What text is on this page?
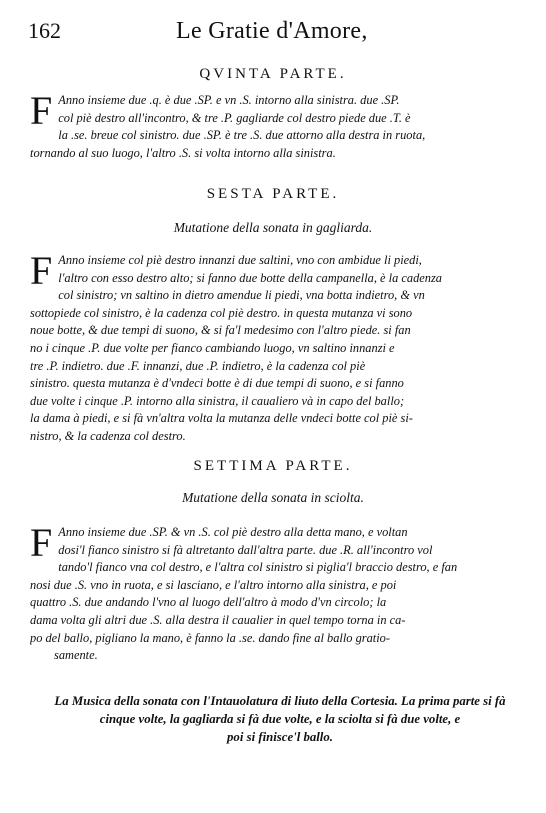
162	Le Gratie d'Amore,
QVINTA PARTE.
F Anno insieme due .q. è due .SP. e vn .S. intorno alla sinistra. due .SP.
col piè destro all'incontro, & tre .P. gagliarde col destro piede due .T. è
la .se. breue col sinistro. due .SP. è tre .S. due attorno alla destra in ruota,
tornando al suo luogo, l'altro .S. si volta intorno alla sinistra.
SESTA PARTE.
Mutatione della sonata in gagliarda.
F Anno insieme col piè destro innanzi due saltini, vno con ambidue li piedi,
l'altro con esso destro alto; si fanno due botte della campanella, è la cadenza
col sinistro; vn saltino in dietro amendue li piedi, vna botta indietro, & vn
sottopiede col sinistro, è la cadenza col piè destro. in questa mutanza vi sono
noue botte, & due tempi di suono, & si fa'l medesimo con l'altro piede. si fan
no i cinque .P. due volte per fianco cambiando luogo, vn saltino innanzi e
tre .P. indietro. due .F. innanzi, due .P. indietro, è la cadenza col piè
sinistro. questa mutanza è d'vndeci botte è di due tempi di suono, e si fanno
due volte i cinque .P. intorno alla sinistra, il caualiero và in capo del ballo;
la dama à piedi, e si fà vn'altra volta la mutanza delle vndeci botte col piè si-
nistro, & la cadenza col destro.
SETTIMA PARTE.
Mutatione della sonata in sciolta.
F Anno insieme due .SP. & vn .S. col piè destro alla detta mano, e voltan
dosi'l fianco sinistro si fà altretanto dall'altra parte. due .R. all'incontro vol
tando'l fianco vna col destro, e l'altra col sinistro si piglia'l braccio destro, e fan
nosi due .S. vno in ruota, e si lasciano, e l'altro intorno alla sinistra, e poi
quattro .S. due andando l'vno al luogo dell'altro à modo d'vn circolo; la
dama volta gli altri due .S. alla destra il caualier in quel tempo torna in ca-
po del ballo, pigliano la mano, è fanno la .se. dando fine al ballo gratio-
samente.
La Musica della sonata con l'Intauolatura di liuto della Cortesia. La prima parte si fà
cinque volte, la gagliarda si fà due volte, e la sciolta si fà due volte, e
poi si finisce'l ballo.
